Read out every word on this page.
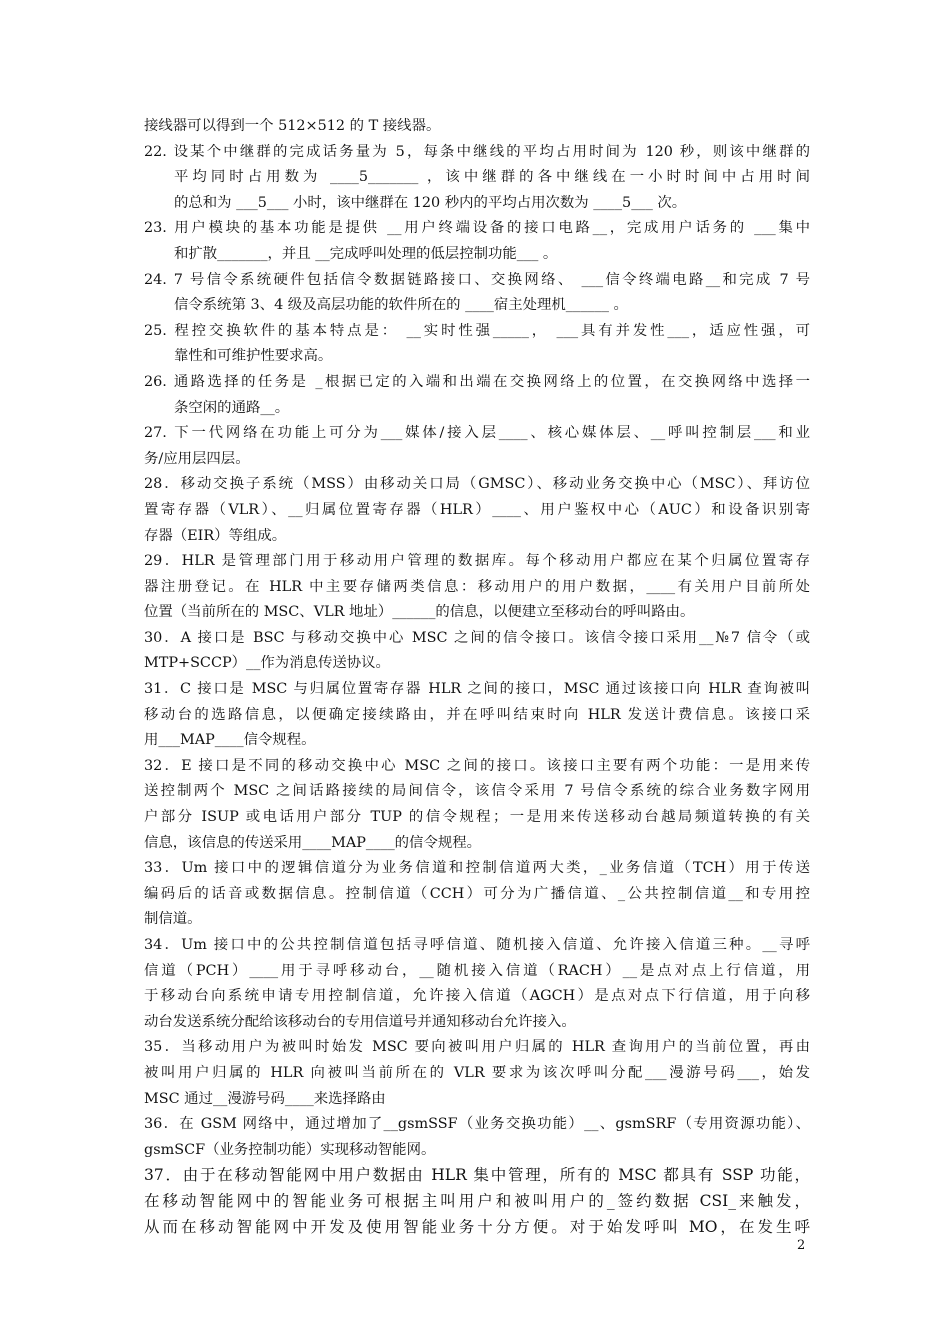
接线器可以得到一个 512×512 的 T 接线器。
22. 设某个中继群的完成话务量为 5，每条中继线的平均占用时间为 120 秒，则该中继群的
平均同时占用数为 ____5_______ ，该中继群的各中继线在一小时时间中占用时间
的总和为 ___5___ 小时，该中继群在 120 秒内的平均占用次数为 ____5___ 次。
23. 用户模块的基本功能是提供 __用户终端设备的接口电路__，完成用户话务的 ___集中
和扩散_______，并且 __完成呼叫处理的低层控制功能___ 。
24. 7 号信令系统硬件包括信令数据链路接口、交换网络、 ___信令终端电路__和完成 7 号
信令系统第 3、4 级及高层功能的软件所在的 ____宿主处理机______ 。
25. 程控交换软件的基本特点是： __实时性强_____， ___具有并发性___，适应性强，可
靠性和可维护性要求高。
26. 通路选择的任务是 _根据已定的入端和出端在交换网络上的位置，在交换网络中选择一
条空闲的通路__。
27. 下一代网络在功能上可分为___媒体/接入层____、核心媒体层、__呼叫控制层___和业
务/应用层四层。
28．移动交换子系统（MSS）由移动关口局（GMSC）、移动业务交换中心（MSC）、拜访位
置寄存器（VLR）、__归属位置寄存器（HLR）____、用户鉴权中心（AUC）和设备识别寄
存器（EIR）等组成。
29．HLR 是管理部门用于移动用户管理的数据库。每个移动用户都应在某个归属位置寄存
器注册登记。在 HLR 中主要存储两类信息：移动用户的用户数据，____有关用户目前所处
位置（当前所在的 MSC、VLR 地址）______的信息，以便建立至移动台的呼叫路由。
30．A 接口是 BSC 与移动交换中心 MSC 之间的信令接口。该信令接口采用__№7 信令（或
MTP+SCCP）__作为消息传送协议。
31．C 接口是 MSC 与归属位置寄存器 HLR 之间的接口，MSC 通过该接口向 HLR 查询被叫
移动台的选路信息，以便确定接续路由，并在呼叫结束时向 HLR 发送计费信息。该接口采
用___MAP____信令规程。
32．E 接口是不同的移动交换中心 MSC 之间的接口。该接口主要有两个功能：一是用来传
送控制两个 MSC 之间话路接续的局间信令，该信令采用 7 号信令系统的综合业务数字网用
户部分 ISUP 或电话用户部分 TUP 的信令规程；一是用来传送移动台越局频道转换的有关
信息，该信息的传送采用____MAP____的信令规程。
33．Um 接口中的逻辑信道分为业务信道和控制信道两大类，_业务信道（TCH）用于传送
编码后的话音或数据信息。控制信道（CCH）可分为广播信道、_公共控制信道__和专用控
制信道。
34．Um 接口中的公共控制信道包括寻呼信道、随机接入信道、允许接入信道三种。__寻呼
信道（PCH）____用于寻呼移动台，__随机接入信道（RACH）__是点对点上行信道，用
于移动台向系统申请专用控制信道，允许接入信道（AGCH）是点对点下行信道，用于向移
动台发送系统分配给该移动台的专用信道号并通知移动台允许接入。
35．当移动用户为被叫时始发 MSC 要向被叫用户归属的 HLR 查询用户的当前位置，再由
被叫用户归属的 HLR 向被叫当前所在的 VLR 要求为该次呼叫分配___漫游号码___，始发
MSC 通过__漫游号码____来选择路由
36．在 GSM 网络中，通过增加了__gsmSSF（业务交换功能）__、gsmSRF（专用资源功能）、
gsmSCF（业务控制功能）实现移动智能网。
37．由于在移动智能网中用户数据由 HLR 集中管理，所有的 MSC 都具有 SSP 功能，
在移动智能网中的智能业务可根据主叫用户和被叫用户的_签约数据 CSI_来触发，
从而在移动智能网中开发及使用智能业务十分方便。对于始发呼叫 MO，在发生呼
2
